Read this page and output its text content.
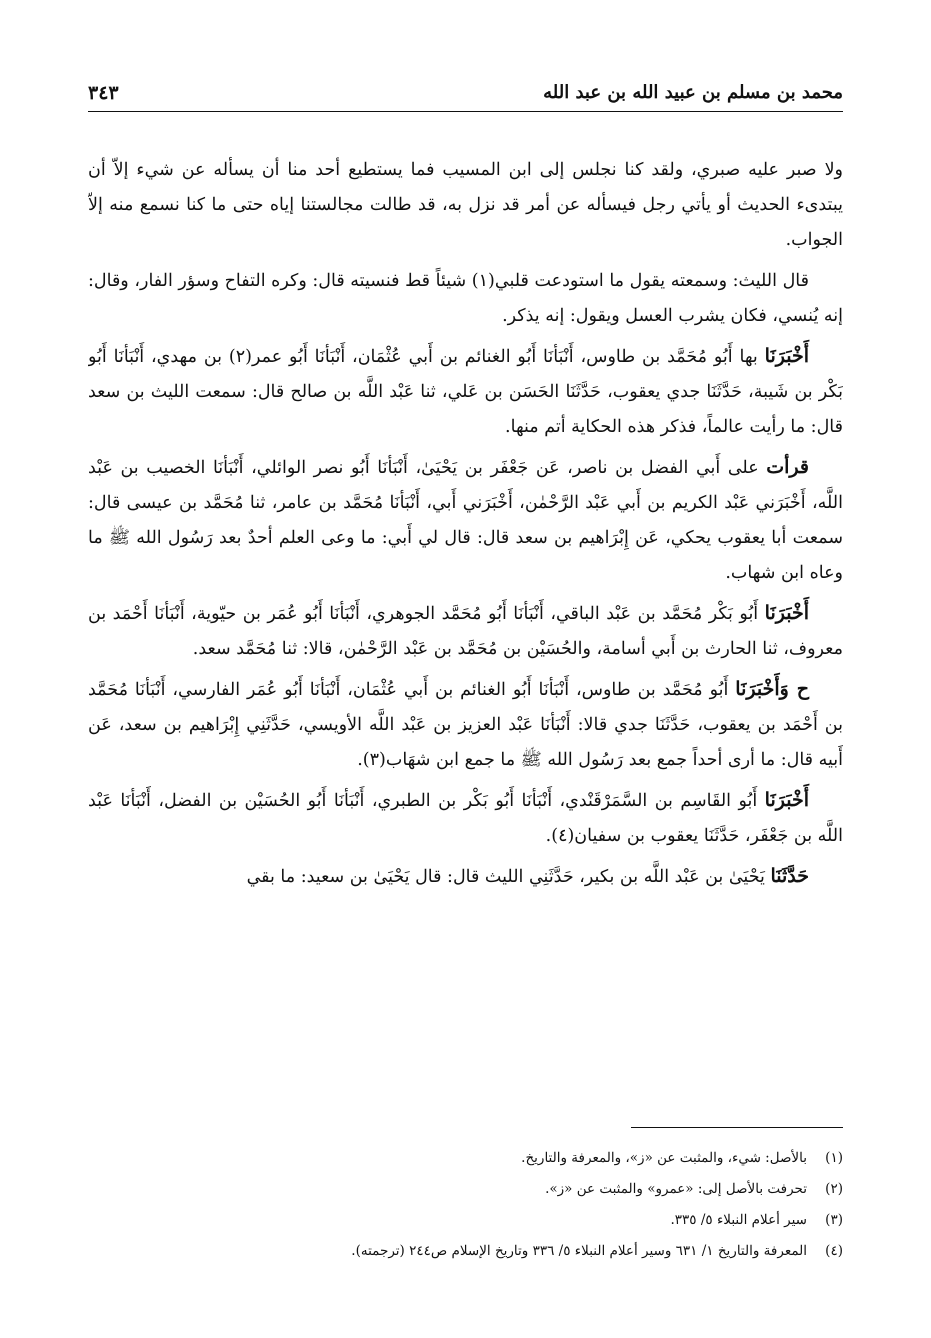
محمد بن مسلم بن عبيد الله بن عبد الله
٣٤٣

ولا صبر عليه صبري، ولقد كنا نجلس إلى ابن المسيب فما يستطيع أحد منا أن يسأله عن شيء إلاّ أن يبتدىء الحديث أو يأتي رجل فيسأله عن أمر قد نزل به، قد طالت مجالستنا إياه حتى ما كنا نسمع منه إلاّ الجواب.

قال الليث: وسمعته يقول ما استودعت قلبي(١) شيئاً قط فنسيته قال: وكره التفاح وسؤر الفار، وقال: إنه يُنسي، فكان يشرب العسل ويقول: إنه يذكر.

أَخْبَرَنَا بها أَبُو مُحَمَّد بن طاوس، أَنْبَأنَا أَبُو الغنائم بن أَبي عُثْمَان، أَنْبَأنَا أَبُو عمر(٢) بن مهدي، أَنْبَأنَا أَبُو بَكْر بن شَيبة، حَدَّثَنَا جدي يعقوب، حَدَّثَنَا الحَسَن بن عَلي، ثنا عَبْد اللَّه بن صالح قال: سمعت الليث بن سعد قال: ما رأيت عالماً، فذكر هذه الحكاية أتم منها.

قرأت على أَبي الفضل بن ناصر، عَن جَعْفَر بن يَحْيَىٰ، أَنْبَأنَا أَبُو نصر الوائلي، أَنْبَأنَا الخصيب بن عَبْد اللَّه، أَخْبَرَني عَبْد الكريم بن أَبي عَبْد الرَّحْمٰن، أَخْبَرَني أَبي، أَنْبَأنَا مُحَمَّد بن عامر، ثنا مُحَمَّد بن عيسى قال: سمعت أبا يعقوب يحكي، عَن إِبْرَاهيم بن سعد قال: قال لي أَبي: ما وعى العلم أحدٌ بعد رَسُول الله ﷺ ما وعاه ابن شهاب.

أَخْبَرَنَا أَبُو بَكْر مُحَمَّد بن عَبْد الباقي، أَنْبَأنَا أَبُو مُحَمَّد الجوهري، أَنْبَأنَا أَبُو عُمَر بن حيّوية، أَنْبَأنَا أَحْمَد بن معروف، ثنا الحارث بن أَبي أسامة، والحُسَيْن بن مُحَمَّد بن عَبْد الرَّحْمٰن، قالا: ثنا مُحَمَّد سعد.

ح وَأَخْبَرَنَا أَبُو مُحَمَّد بن طاوس، أَنْبَأنَا أَبُو الغنائم بن أَبي عُثْمَان، أَنْبَأنَا أَبُو عُمَر الفارسي، أَنْبَأنَا مُحَمَّد بن أَحْمَد بن يعقوب، حَدَّثَنَا جدي قالا: أَنْبَأنَا عَبْد العزيز بن عَبْد اللَّه الأويسي، حَدَّثَنِي إِبْرَاهيم بن سعد، عَن أَبيه قال: ما أرى أحداً جمع بعد رَسُول الله ﷺ ما جمع ابن شهَاب(٣).

أَخْبَرَنَا أَبُو القَاسِم بن السَّمَرْقَنْدي، أَنْبَأنَا أَبُو بَكْر بن الطبري، أَنْبَأنَا أَبُو الحُسَيْن بن الفضل، أَنْبَأنَا عَبْد اللَّه بن جَعْفَر، حَدَّثَنَا يعقوب بن سفيان(٤).

حَدَّثَنَا يَحْيَىٰ بن عَبْد اللَّه بن بكير، حَدَّثَنِي الليث قال: قال يَحْيَىٰ بن سعيد: ما بقي

(١)بالأصل: شيء، والمثبت عن «ز»، والمعرفة والتاريخ.
(٢)تحرفت بالأصل إلى: «عمرو» والمثبت عن «ز».
(٣)سير أعلام النبلاء ٥/ ٣٣٥.
(٤)المعرفة والتاريخ ١/ ٦٣١ وسير أعلام النبلاء ٥/ ٣٣٦ وتاريخ الإسلام ص٢٤٤ (ترجمته).
